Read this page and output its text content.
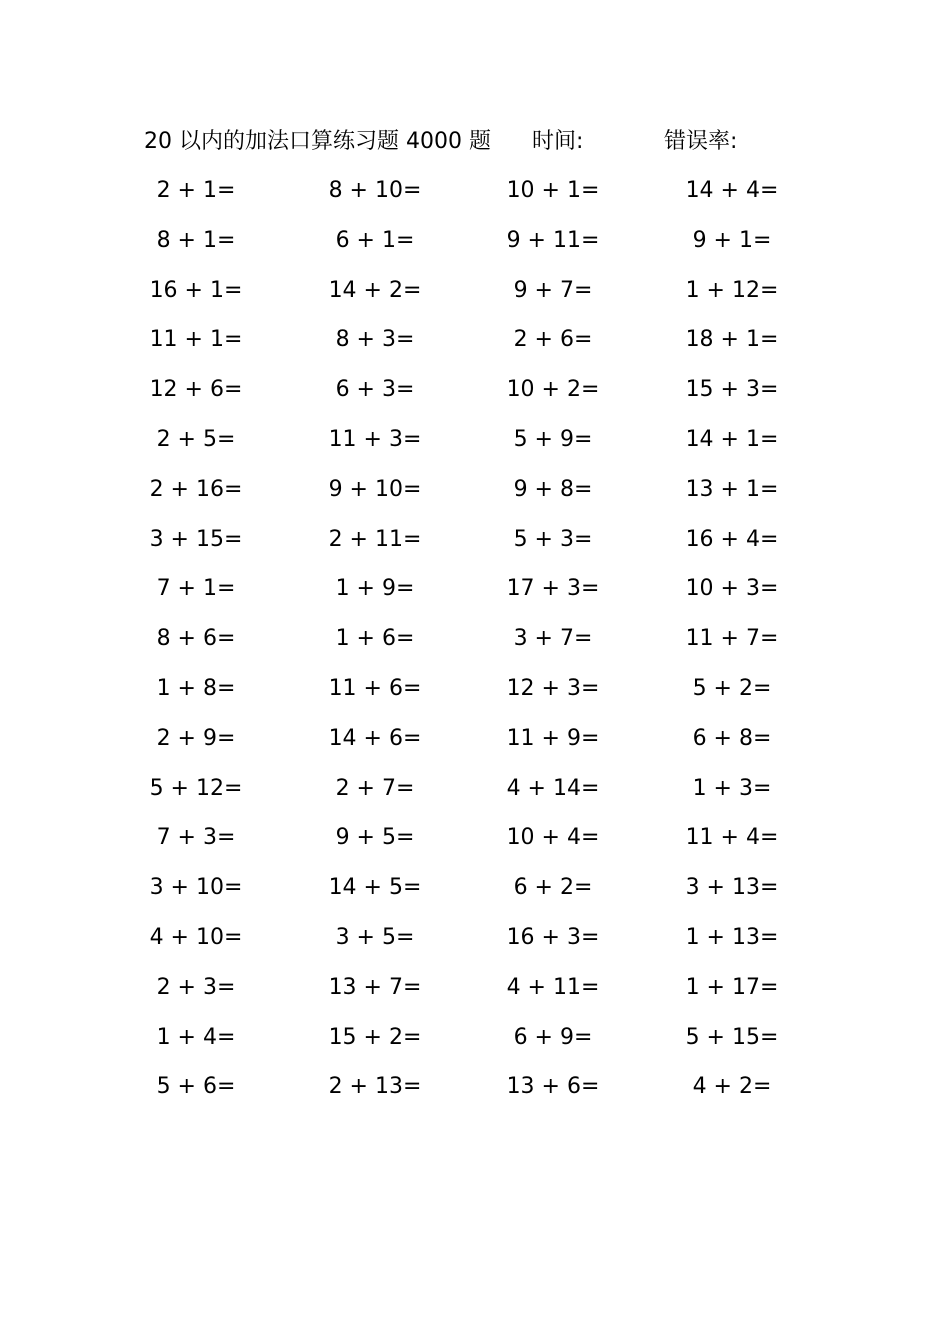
20 以内的加法口算练习题 4000 题 时间:	错误率:
2 + 1=	8 + 10=	10 + 1=	14 + 4=
8 + 1=	6 + 1=	9 + 11=	9 + 1=
16 + 1=	14 + 2=	9 + 7=	1 + 12=
11 + 1=	8 + 3=	2 + 6=	18 + 1=
12 + 6=	6 + 3=	10 + 2=	15 + 3=
2 + 5=	11 + 3=	5 + 9=	14 + 1=
2 + 16=	9 + 10=	9 + 8=	13 + 1=
3 + 15=	2 + 11=	5 + 3=	16 + 4=
7 + 1=	1 + 9=	17 + 3=	10 + 3=
8 + 6=	1 + 6=	3 + 7=	11 + 7=
1 + 8=	11 + 6=	12 + 3=	5 + 2=
2 + 9=	14 + 6=	11 + 9=	6 + 8=
5 + 12=	2 + 7=	4 + 14=	1 + 3=
7 + 3=	9 + 5=	10 + 4=	11 + 4=
3 + 10=	14 + 5=	6 + 2=	3 + 13=
4 + 10=	3 + 5=	16 + 3=	1 + 13=
2 + 3=	13 + 7=	4 + 11=	1 + 17=
1 + 4=	15 + 2=	6 + 9=	5 + 15=
5 + 6=	2 + 13=	13 + 6=	4 + 2=
